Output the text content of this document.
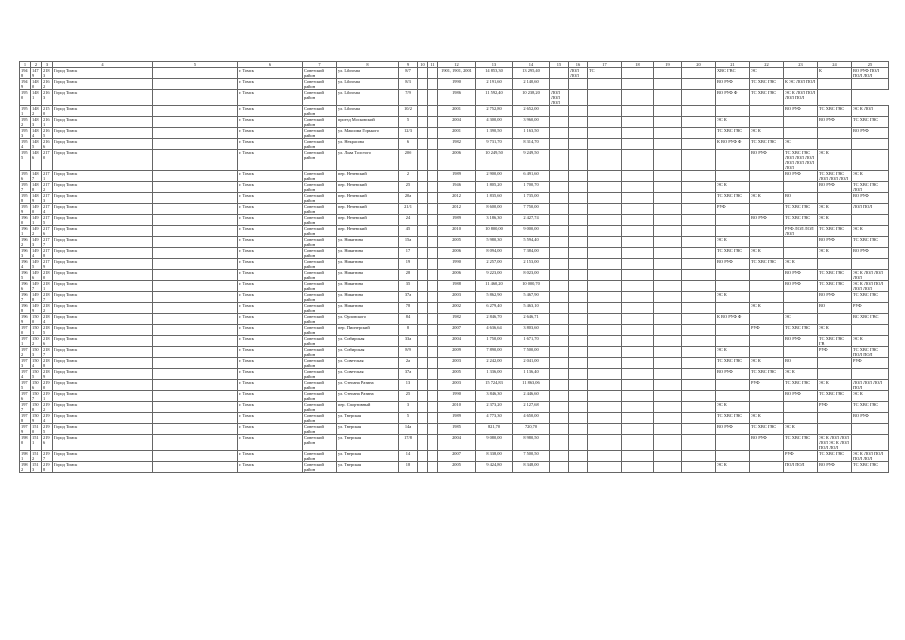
1	2	3	4	5	6	7	8	9	10	11	12	13	14	15	16	17	18	19	20	21	22	23	24	25
1948	1479	2183	Город Томск		г. Томск	Советский район	ул. Librosnа	8/7			1901, 1901, 2001	14 853,30	13 295,40		ЛОЛ ЛОЛ	ТС				ХВС ГВС	ЭС		К	ВО РУФ ПОЛ ПОЛ ЛОЛ
1949	1480	2162	Город Томск		г. Томск	Советский район	ул. Librosnа	8/3			1990	2 191,60	2 140,60							ВО РУФ	ТС ХВС ГВС	К ЭС ЛОЛ ПОЛ		
1950	1481	2163	Город Томск		г. Томск	Советский район	ул. Librosnа	7/9			1986	11 592,40	10 238,20	ЛОЛ ЛОЛ ЛОЛ						ВО РУФ Ф	ТС ХВС ГВС	ЭС К ЛОЛ ПОЛ ЛОЛ ПОЛ		
1951	1482	2150	Город Томск		г. Томск	Советский район	ул. Librosnа	10/2			2001	2 752,80	2 652,00									ВО РУФ	ТС ХВС ГВС	ЭС К ЛОЛ
1952	1483	2161	Город Томск		г. Томск	Советский район	проезд Московский	5			2004	4 300,00	3 960,00							ЭС К			ВО РУФ	ТС ХВС ГВС
1953	1484	2165	Город Томск		г. Томск	Советский район	ул. Максима Горького	12/3			2001	1 390,50	1 163,50							ТС ХВС ГВС	ЭС К			ВО РУФ
1954	1485	2166	Город Томск		г. Томск	Советский район	ул. Некрасова	6			1982	9 731,70	8 314,70							К ВО РУФ Ф	ТС ХВС ГВС	ЭС		
1955	1486	2170	Город Томск		г. Томск	Советский район	ул. Льва Толстого	20б			2006	10 249,50	9 249,50								ВО РУФ	ТС ХВС ГВС ЛОЛ ЛОЛ ЛОЛ ЛОЛ ЛОЛ ЛОЛ ЛОЛ	ЭС К	
1956	1487	2171	Город Томск		г. Томск	Советский район	пер. Нечевский	2			1989	2 900,00	6 491,60									ВО РУФ	ТС ХВС ГВС ЛОЛ ЛОЛ ЛОЛ	ЭС К
1957	1488	2172	Город Томск		г. Томск	Советский район	пер. Нечевский	25			1946	1 805,20	1 700,70							ЭС К			ВО РУФ	ТС ХВС ГВС ЛОЛ
1958	1489	2173	Город Томск		г. Томск	Советский район	пер. Нечевский	20а			2012	1 835,60	1 735,00							ТС ХВС ГВС	ЭС К	ВО		ВО РУФ
1959	1490	2174	Город Томск		г. Томск	Советский район	пер. Нечевский	21/1			2012	8 600,00	7 750,00							РУФ		ТС ХВС ГВС	ЭС К	ЛОЛ ПОЛ
1960	1491	2175	Город Томск		г. Томск	Советский район	пер. Нечевский	24			1989	3 186,30	2 427,74								ВО РУФ	ТС ХВС ГВС	ЭС К	
1961	1492	2176	Город Томск		г. Томск	Советский район	пер. Нечевский	45			2010	10 800,00	9 000,00									РУФ ЛОЛ ЛОЛ ЛОЛ	ТС ХВС ГВС	ЭС К
1962	1493	2177	Город Томск		г. Томск	Советский район	ул. Никитина	15а			2005	5 980,30	5 594,40							ЭС К			ВО РУФ	ТС ХВС ГВС
1963	1494	2178	Город Томск		г. Томск	Советский район	ул. Никитина	17			2006	8 094,00	7 384,00							ТС ХВС ГВС	ЭС К		ЭС К	ВО РУФ
1964	1495	2179	Город Томск		г. Томск	Советский район	ул. Никитина	19			1990	2 257,00	2 153,00							ВО РУФ	ТС ХВС ГВС	ЭС К		
1965	1496	2180	Город Томск		г. Томск	Советский район	ул. Никитина	28			2006	9 223,00	8 023,00									ВО РУФ	ТС ХВС ГВС	ЭС К ЛОЛ ЛОЛ ЛОЛ
1966	1497	2181	Город Томск		г. Томск	Советский район	ул. Никитина	35			1988	11 460,20	10 000,70									ВО РУФ	ТС ХВС ГВС	ЭС К ЛОЛ ПОЛ ЛОЛ ЛОЛ
1967	1498	2187	Город Томск		г. Томск	Советский район	ул. Никитина	37а			2003	5 862,90	5 467,90							ЭС К			ВО РУФ	ТС ХВС ГВС
1968	1499	2182	Город Томск		г. Томск	Советский район	ул. Никитина	78			2002	6 279,40	5 463,10								ЭС К		ВО	РУФ
1969	1500	2184	Город Томск		г. Томск	Советский район	ул. Орловского	84			1982	2 846,70	2 646,71							К ВО РУФ Ф		ЭС		ВС ХВС ГВС
1970	1501	2185	Город Томск		г. Томск	Советский район	пер. Пионерский	8			2007	4 636,64	3 803,60								РУФ	ТС ХВС ГВС	ЭС К	
1971	1502	2186	Город Томск		г. Томск	Советский район	ул. Сибирская	33а			2004	1 750,00	1 671,70									ВО РУФ	ТС ХВС ГВС ГВ	ЭС К
1972	1503	2187	Город Томск		г. Томск	Советский район	ул. Сибирская	8/9			2009	7 890,00	7 500,00							ЭС К			РУФ	ТС ХВС ГВС ПОЛ ПОЛ
1973	1504	2188	Город Томск		г. Томск	Советский район	ул. Советская	2а			2003	2 242,00	2 041,00							ТС ХВС ГВС	ЭС К	ВО		РУФ
1974	1505	2189	Город Томск		г. Томск	Советский район	ул. Советская	37а			2005	1 336,00	1 136,40							ВО РУФ	ТС ХВС ГВС	ЭС К		
1975	1506	2190	Город Томск		г. Томск	Советский район	ул. Степана Разина	13			2003	15 724,83	11 863,06								РУФ	ТС ХВС ГВС	ЭС К	ЛОЛ ЛОЛ ЛОЛ ПОЛ
1976	1507	2191	Город Томск		г. Томск	Советский район	ул. Степана Разина	25			1990	3 846,30	2 446,60									ВО РУФ	ТС ХВС ГВС	ЭС К
1977	1508	2192	Город Томск		г. Томск	Советский район	пер. Спортивный	3			2010	2 373,20	2 127,68							ЭС К			РУФ	ТС ХВС ГВС
1978	1509	2194	Город Томск		г. Томск	Советский район	ул. Тверская	5			1989	4 773,30	4 650,00							ТС ХВС ГВС	ЭС К			ВО РУФ
1979	1510	2195	Город Томск		г. Томск	Советский район	ул. Тверская	14а			1985	821,70	720,70							ВО РУФ	ТС ХВС ГВС	ЭС К		
1980	1511	2196	Город Томск		г. Томск	Советский район	ул. Тверская	17/8			2004	9 080,00	8 980,50								ВО РУФ	ТС ХВС ГВС	ЭС К ЛОЛ ЛОЛ ЛОЛ ЭС К ЛОЛ ПОЛ ЛОЛ	
1981	1512	2197	Город Томск		г. Томск	Советский район	ул. Тверская	14			2007	8 338,00	7 500,50									РУФ	ТС ХВС ГВС	ЭС К ЛОЛ ПОЛ ПОЛ ЛОЛ
1982	1513	2198	Город Томск		г. Томск	Советский район	ул. Тверская	18			2005	9 424,80	8 348,00							ЭС К		ПОЛ ПОЛ	ВО РУФ	ТС ХВС ГВС
